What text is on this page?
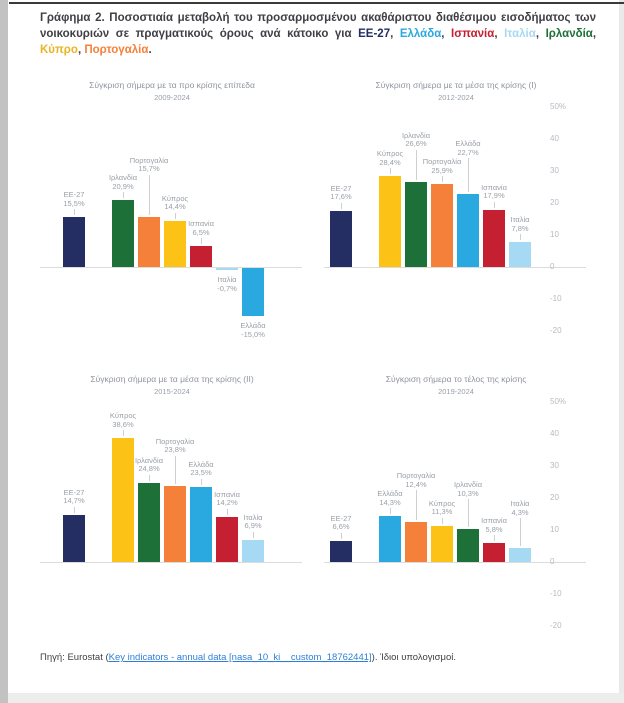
Γράφημα 2. Ποσοστιαία μεταβολή του προσαρμοσμένου ακαθάριστου διαθέσιμου εισοδήματος των νοικοκυριών σε πραγματικούς όρους ανά κάτοικο για ΕΕ-27, Ελλάδα, Ισπανία, Ιταλία, Ιρλανδία, Κύπρο, Πορτογαλία.

Σύγκριση σήμερα με τα προ κρίσης επίπεδα
2009-2024
ΕΕ-27
15,5%
Ιρλανδία
20,9%
Πορτογαλία
15,7%
Κύπρος
14,4%
Ισπανία
6,5%
Ιταλία
-0,7%
Ελλάδα
-15,0%
Σύγκριση σήμερα με τα μέσα της κρίσης (Ι)
2012-2024
ΕΕ-27
17,6%
Κύπρος
28,4%
Ιρλανδία
26,6%
Πορτογαλία
25,9%
Ελλάδα
22,7%
Ισπανία
17,9%
Ιταλία
7,8%
Σύγκριση σήμερα με τα μέσα της κρίσης (ΙΙ)
2015-2024
ΕΕ-27
14,7%
Κύπρος
38,6%
Ιρλανδία
24,8%
Πορτογαλία
23,8%
Ελλάδα
23,5%
Ισπανία
14,2%
Ιταλία
6,9%
Σύγκριση σήμερα το τέλος της κρίσης
2019-2024
ΕΕ-27
6,6%
Ελλάδα
14,3%
Πορτογαλία
12,4%
Κύπρος
11,3%
Ιρλανδία
10,3%
Ισπανία
5,8%
Ιταλία
4,3%
50%
40
30
20
10
0
-10
-20
50%
40
30
20
10
0
-10
-20
Πηγή: Eurostat (Key indicators - annual data [nasa_10_ki__custom_18762441]). Ίδιοι υπολογισμοί.
